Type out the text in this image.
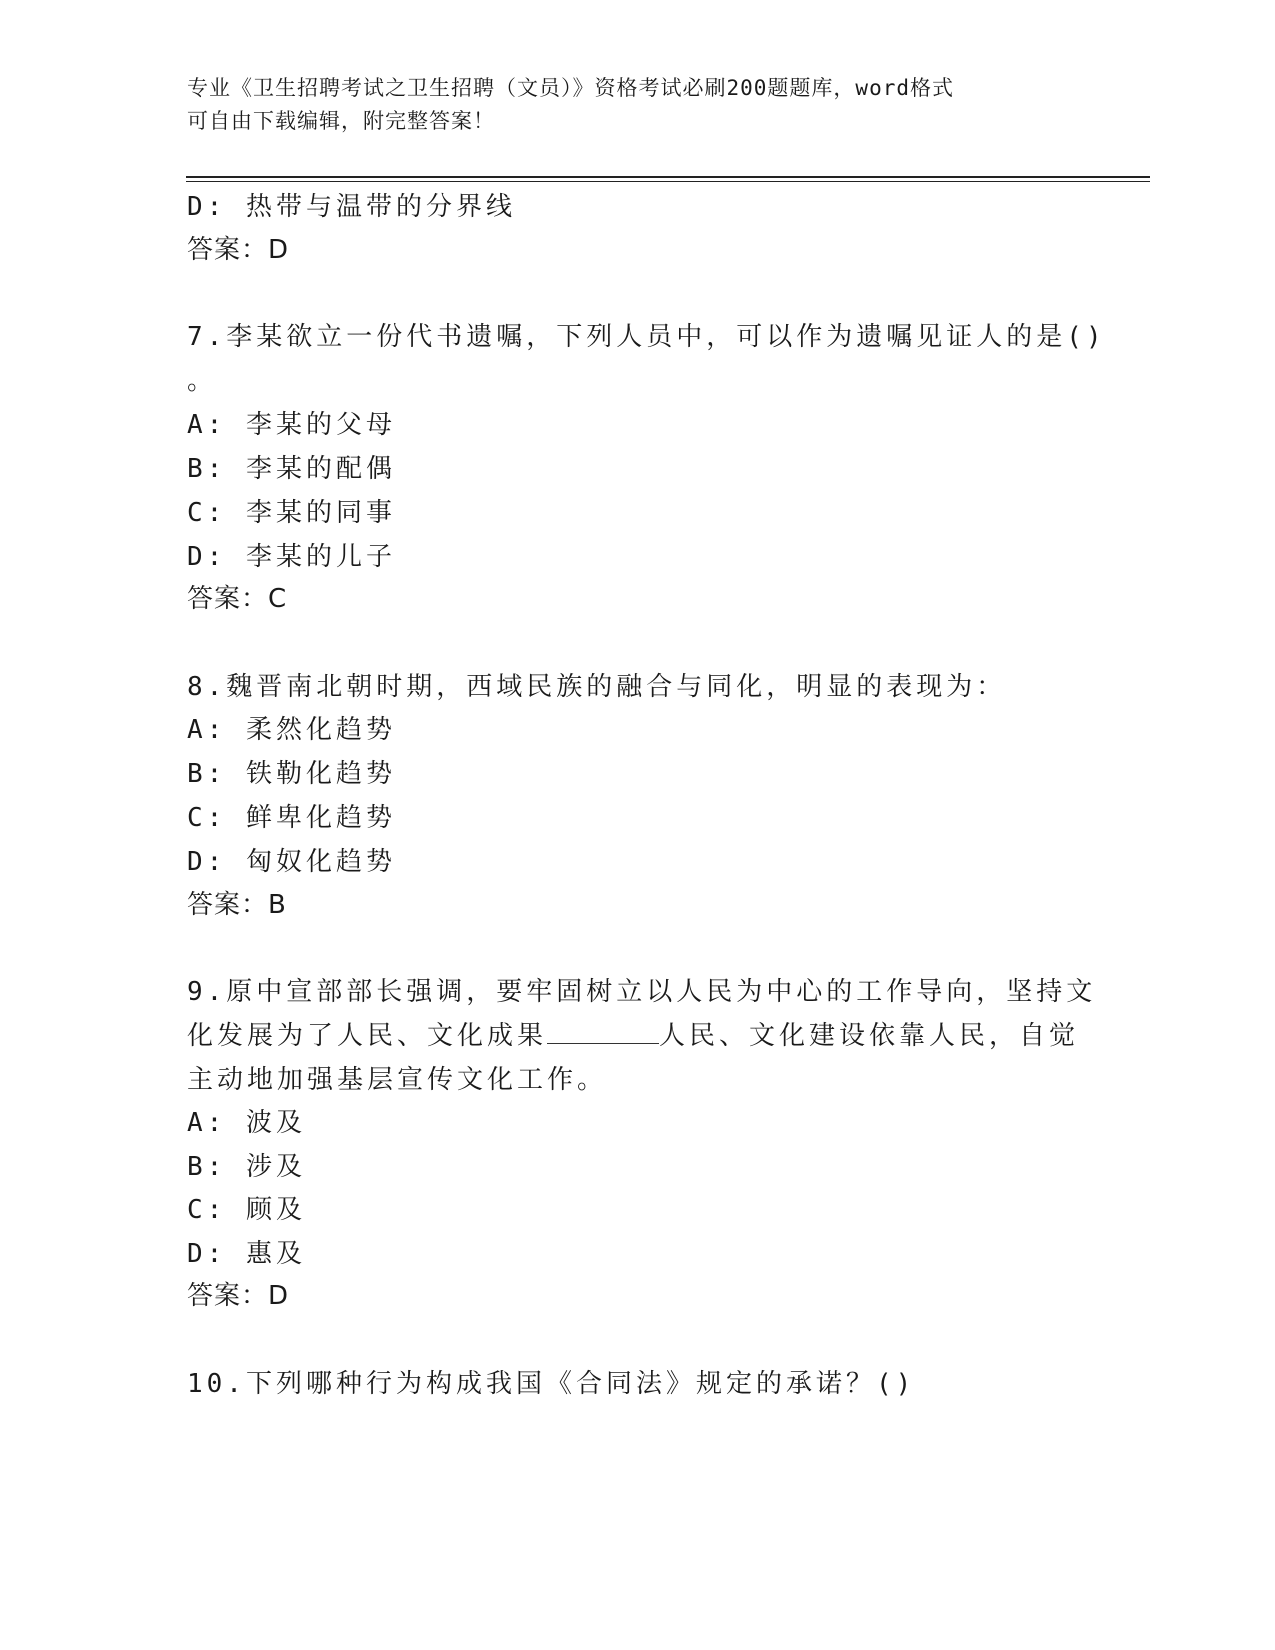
专业《卫生招聘考试之卫生招聘（文员）》资格考试必刷200题题库，word格式
可自由下载编辑，附完整答案！
D: 热带与温带的分界线
答案：D
7.李某欲立一份代书遗嘱，下列人员中，可以作为遗嘱见证人的是()
。
A: 李某的父母
B: 李某的配偶
C: 李某的同事
D: 李某的儿子
答案：C
8.魏晋南北朝时期，西域民族的融合与同化，明显的表现为：
A: 柔然化趋势
B: 铁勒化趋势
C: 鲜卑化趋势
D: 匈奴化趋势
答案：B
9.原中宣部部长强调，要牢固树立以人民为中心的工作导向，坚持文
化发展为了人民、文化成果	人民、文化建设依靠人民，自觉
主动地加强基层宣传文化工作。
A: 波及
B: 涉及
C: 顾及
D: 惠及
答案：D
10.下列哪种行为构成我国《合同法》规定的承诺？()
